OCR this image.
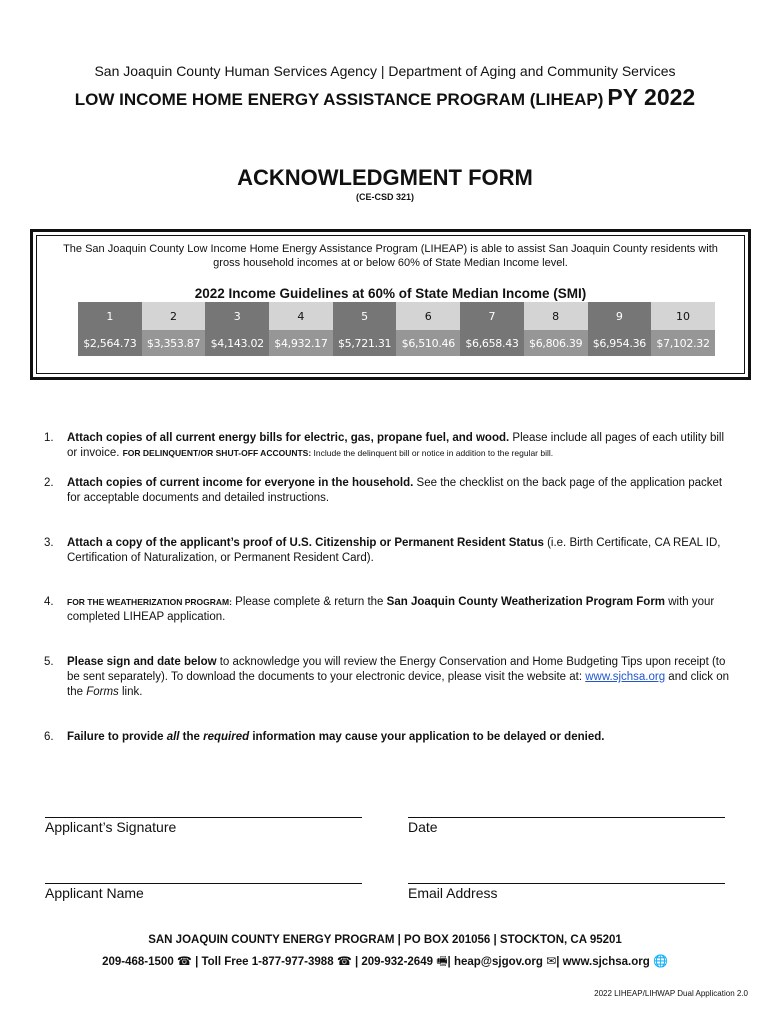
San Joaquin County Human Services Agency | Department of Aging and Community Services
LOW INCOME HOME ENERGY ASSISTANCE PROGRAM (LIHEAP) PY 2022
ACKNOWLEDGMENT FORM
(CE-CSD 321)
The San Joaquin County Low Income Home Energy Assistance Program (LIHEAP) is able to assist San Joaquin County residents with gross household incomes at or below 60% of State Median Income level.
2022 Income Guidelines at 60% of State Median Income (SMI)
1	2	3	4	5	6	7	8	9	10
$2,564.73	$3,353.87	$4,143.02	$4,932.17	$5,721.31	$6,510.46	$6,658.43	$6,806.39	$6,954.36	$7,102.32
1.	Attach copies of all current energy bills for electric, gas, propane fuel, and wood. Please include all pages of each utility bill or invoice. FOR DELINQUENT/OR SHUT-OFF ACCOUNTS: Include the delinquent bill or notice in addition to the regular bill.
2.	Attach copies of current income for everyone in the household. See the checklist on the back page of the application packet for acceptable documents and detailed instructions.
3.	Attach a copy of the applicant’s proof of U.S. Citizenship or Permanent Resident Status (i.e. Birth Certificate, CA REAL ID, Certification of Naturalization, or Permanent Resident Card).
4.	FOR THE WEATHERIZATION PROGRAM: Please complete & return the San Joaquin County Weatherization Program Form with your completed LIHEAP application.
5.	Please sign and date below to acknowledge you will review the Energy Conservation and Home Budgeting Tips upon receipt (to be sent separately). To download the documents to your electronic device, please visit the website at: www.sjchsa.org and click on the Forms link.
6.	Failure to provide all the required information may cause your application to be delayed or denied.
Applicant’s Signature	Date
Applicant Name	Email Address
SAN JOAQUIN COUNTY ENERGY PROGRAM | PO BOX 201056 | STOCKTON, CA 95201
209-468-1500 ☎ | Toll Free 1-877-977-3988 ☎ | 209-932-2649 🖷| heap@sjgov.org ✉| www.sjchsa.org 🌐
2022 LIHEAP/LIHWAP Dual Application 2.0
